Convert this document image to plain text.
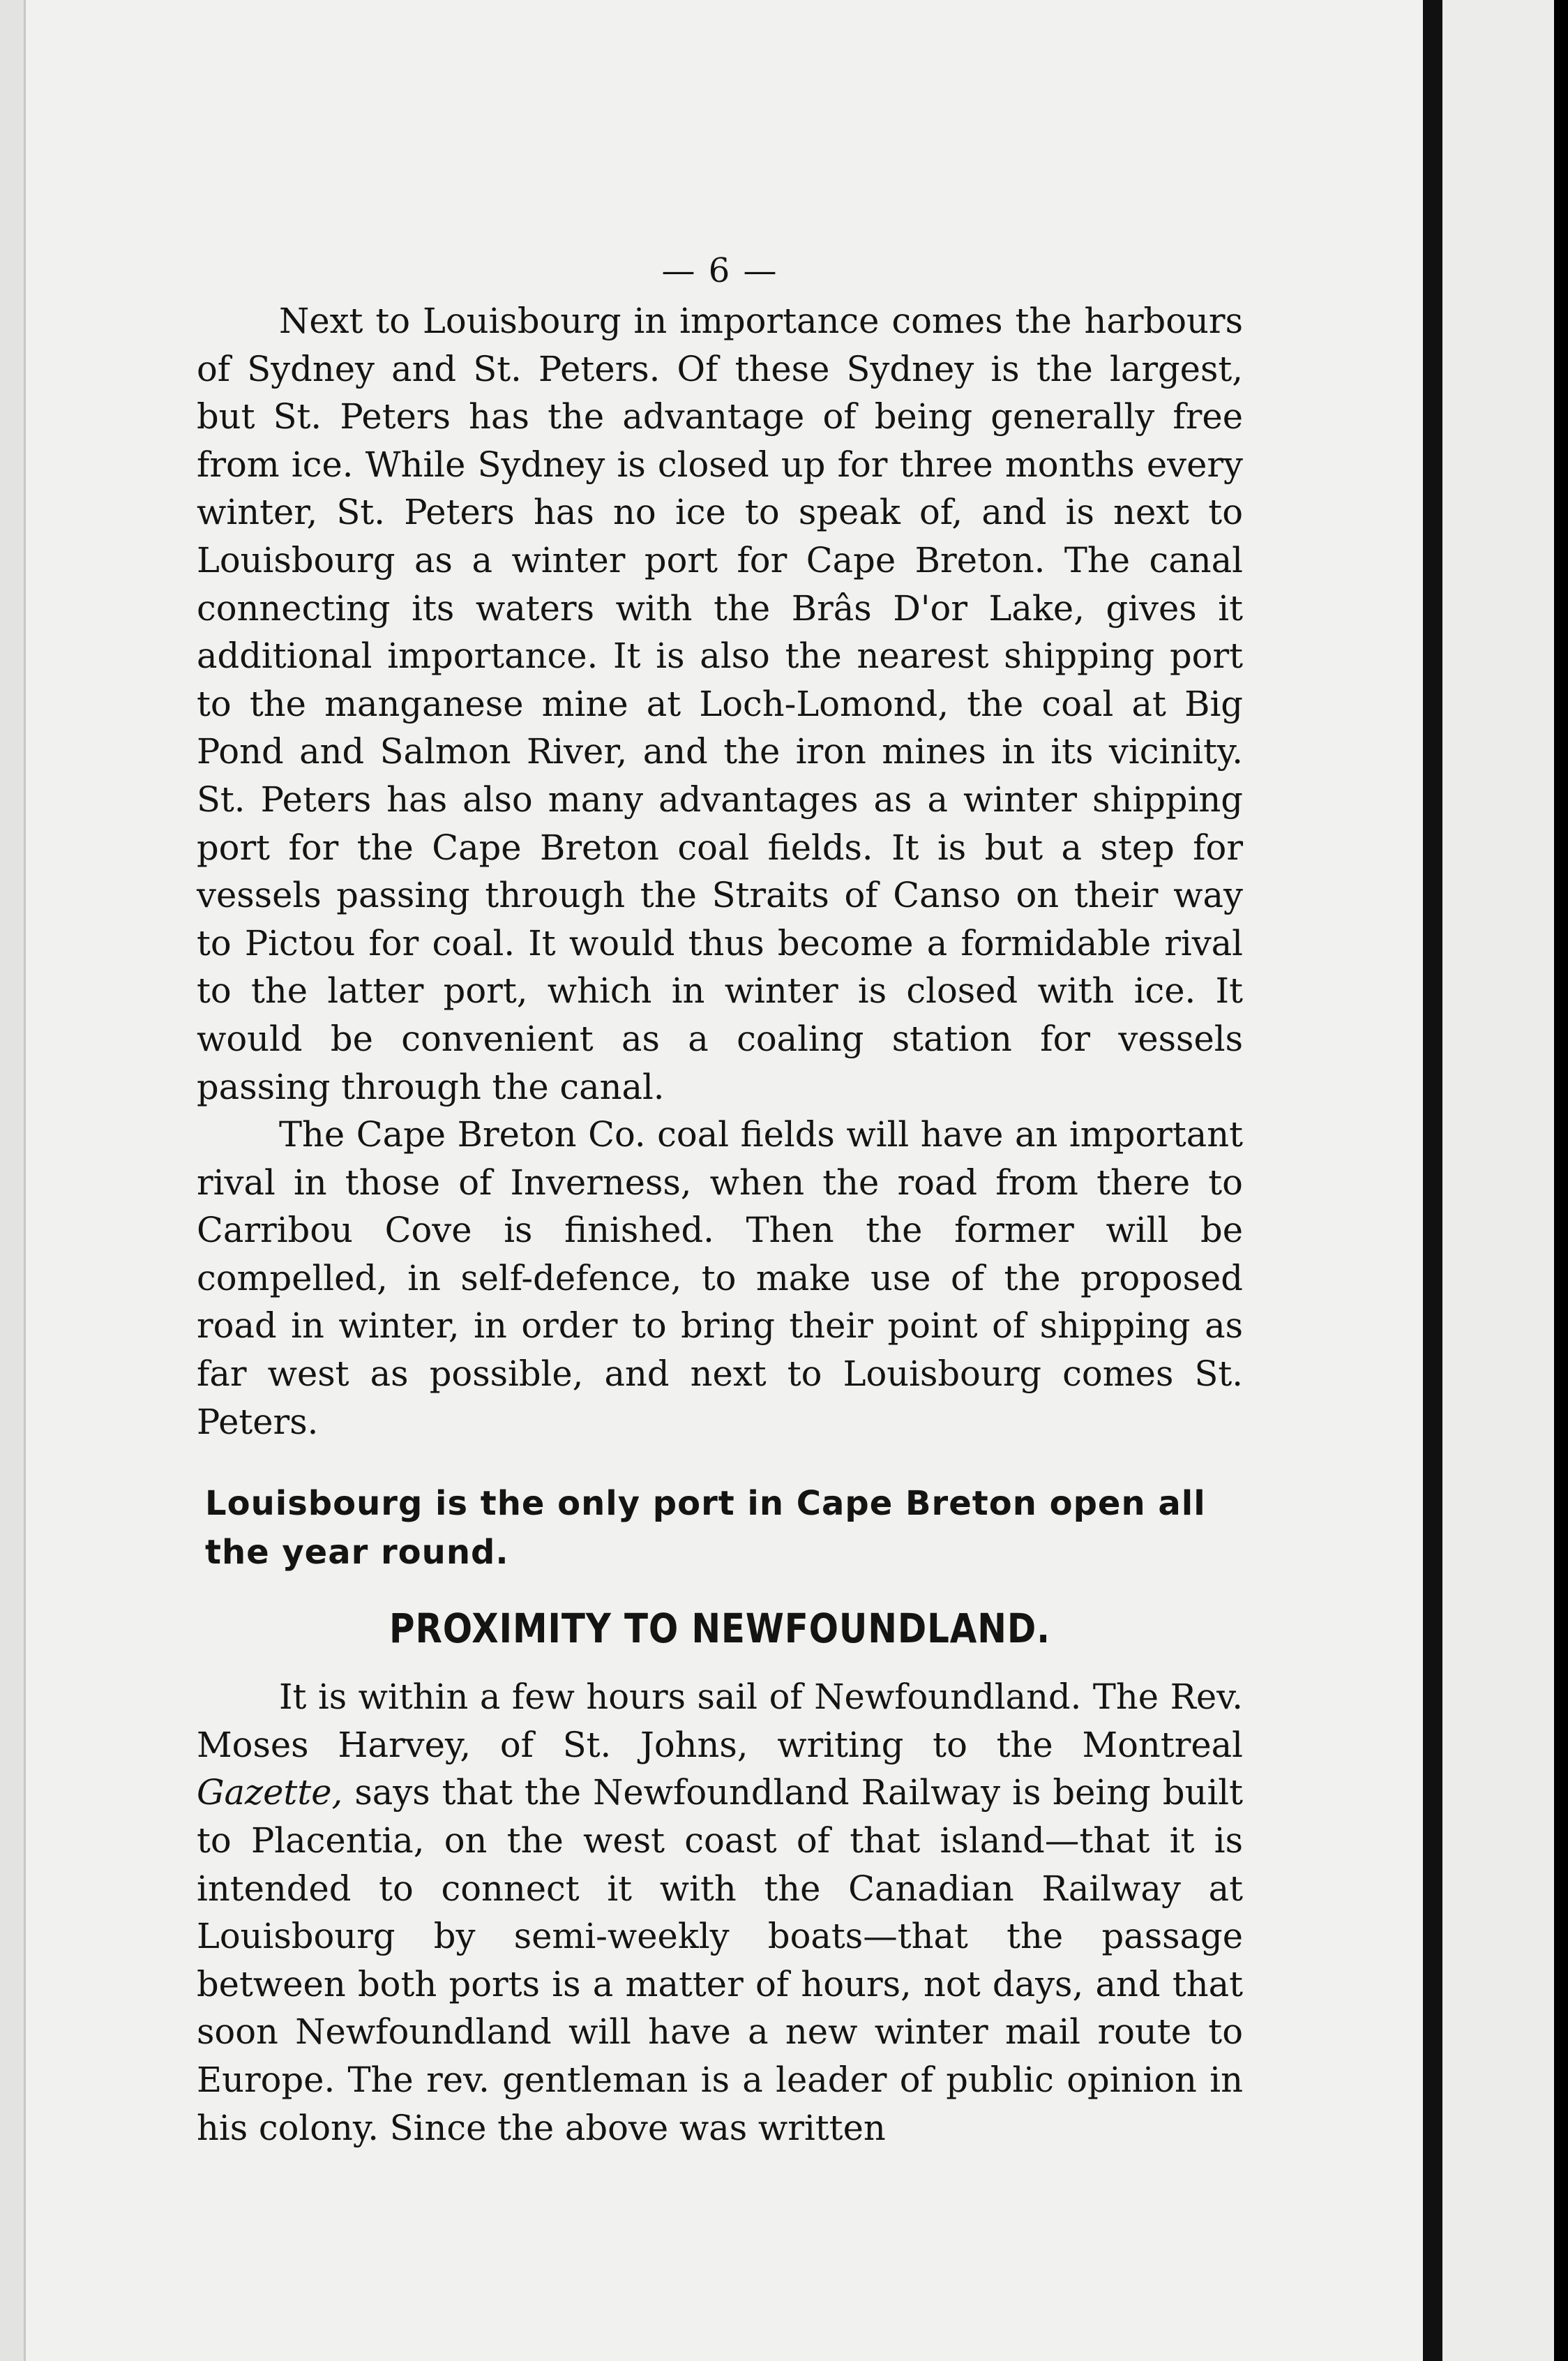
— 6 —

Next to Louisbourg in importance comes the harbours of Sydney and St. Peters. Of these Sydney is the largest, but St. Peters has the advantage of being generally free from ice. While Sydney is closed up for three months every winter, St. Peters has no ice to speak of, and is next to Louisbourg as a winter port for Cape Breton. The canal connecting its waters with the Brâs D'or Lake, gives it additional importance. It is also the nearest shipping port to the manganese mine at Loch-Lomond, the coal at Big Pond and Salmon River, and the iron mines in its vicinity. St. Peters has also many advantages as a winter shipping port for the Cape Breton coal fields. It is but a step for vessels passing through the Straits of Canso on their way to Pictou for coal. It would thus become a formidable rival to the latter port, which in winter is closed with ice. It would be convenient as a coaling station for vessels passing through the canal.

The Cape Breton Co. coal fields will have an important rival in those of Inverness, when the road from there to Carribou Cove is finished. Then the former will be compelled, in self-defence, to make use of the proposed road in winter, in order to bring their point of shipping as far west as possible, and next to Louisbourg comes St. Peters.

Louisbourg is the only port in Cape Breton open all the year round.
PROXIMITY TO NEWFOUNDLAND.

It is within a few hours sail of Newfoundland. The Rev. Moses Harvey, of St. Johns, writing to the Montreal Gazette, says that the Newfoundland Railway is being built to Placentia, on the west coast of that island—that it is intended to connect it with the Canadian Railway at Louisbourg by semi-weekly boats—that the passage between both ports is a matter of hours, not days, and that soon Newfoundland will have a new winter mail route to Europe. The rev. gentleman is a leader of public opinion in his colony. Since the above was written
